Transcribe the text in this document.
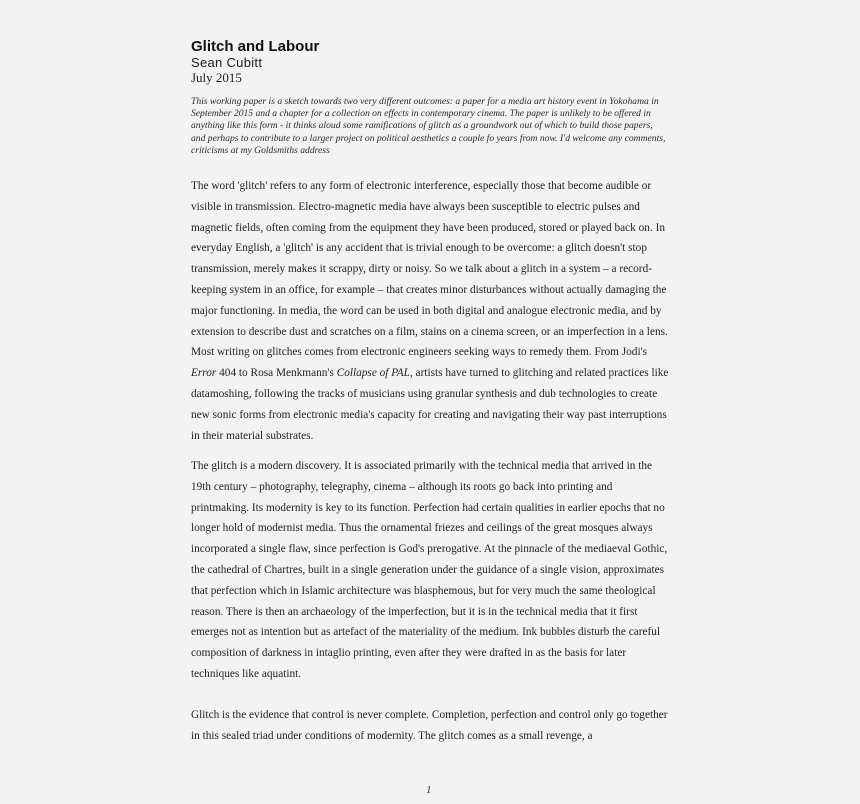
Glitch and Labour

Sean Cubitt

July 2015

This working paper is a sketch towards two very different outcomes: a paper for a media art history event in Yokohama in September 2015 and a chapter for a collection on effects in contemporary cinema. The paper is unlikely to be offered in anything like this form - it thinks aloud some ramifications of glitch as a groundwork out of which to build those papers, and perhaps to contribute to a larger project on political aesthetics a couple fo years from now. I'd welcome any comments, criticisms at my Goldsmiths address

The word 'glitch' refers to any form of electronic interference, especially those that become audible or visible in transmission. Electro-magnetic media have always been susceptible to electric pulses and magnetic fields, often coming from the equipment they have been produced, stored or played back on. In everyday English, a 'glitch' is any accident that is trivial enough to be overcome: a glitch doesn't stop transmission, merely makes it scrappy, dirty or noisy. So we talk about a glitch in a system – a record-keeping system in an office, for example – that creates minor disturbances without actually damaging the major functioning. In media, the word can be used in both digital and analogue electronic media, and by extension to describe dust and scratches on a film, stains on a cinema screen, or an imperfection in a lens. Most writing on glitches comes from electronic engineers seeking ways to remedy them. From Jodi's Error 404 to Rosa Menkmann's Collapse of PAL, artists have turned to glitching and related practices like datamoshing, following the tracks of musicians using granular synthesis and dub technologies to create new sonic forms from electronic media's capacity for creating and navigating their way past interruptions in their material substrates.

The glitch is a modern discovery. It is associated primarily with the technical media that arrived in the 19th century – photography, telegraphy, cinema – although its roots go back into printing and printmaking. Its modernity is key to its function. Perfection had certain qualities in earlier epochs that no longer hold of modernist media. Thus the ornamental friezes and ceilings of the great mosques always incorporated a single flaw, since perfection is God's prerogative. At the pinnacle of the mediaeval Gothic, the cathedral of Chartres, built in a single generation under the guidance of a single vision, approximates that perfection which in Islamic architecture was blasphemous, but for very much the same theological reason. There is then an archaeology of the imperfection, but it is in the technical media that it first emerges not as intention but as artefact of the materiality of the medium. Ink bubbles disturb the careful composition of darkness in intaglio printing, even after they were drafted in as the basis for later techniques like aquatint.

Glitch is the evidence that control is never complete. Completion, perfection and control only go together in this sealed triad under conditions of modernity. The glitch comes as a small revenge, a

1
